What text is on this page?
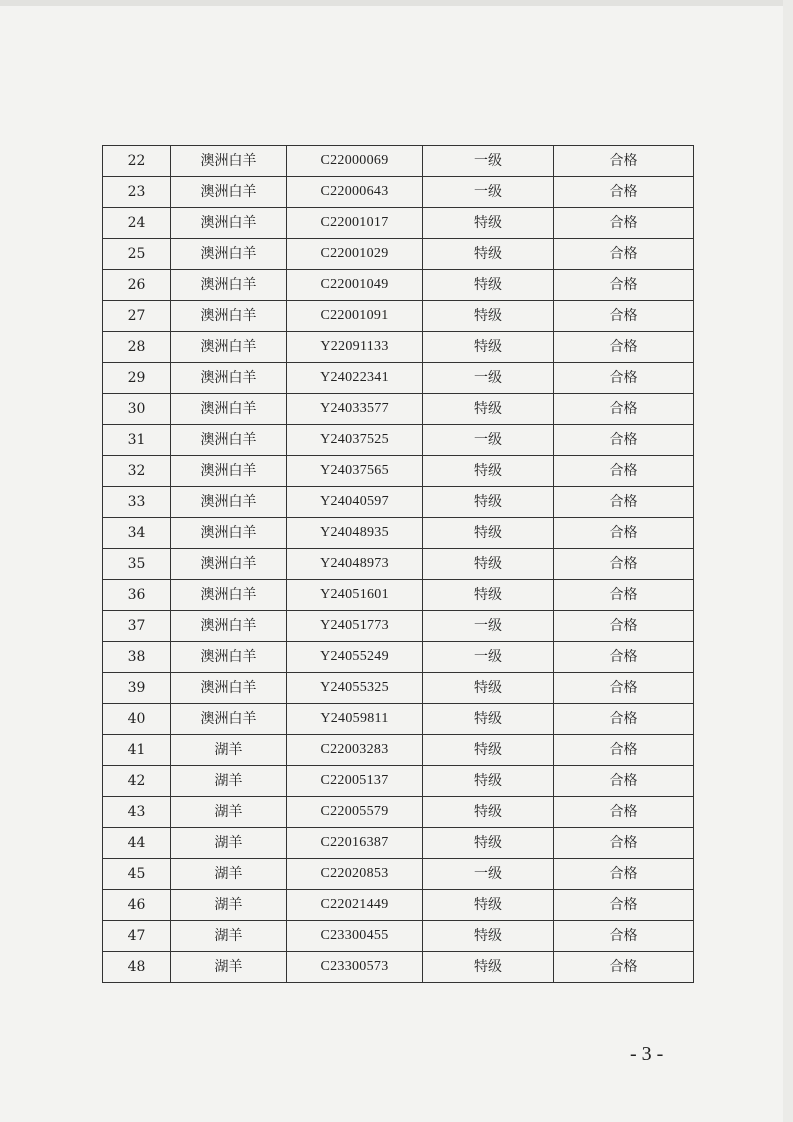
22	澳洲白羊	C22000069	一级	合格
23	澳洲白羊	C22000643	一级	合格
24	澳洲白羊	C22001017	特级	合格
25	澳洲白羊	C22001029	特级	合格
26	澳洲白羊	C22001049	特级	合格
27	澳洲白羊	C22001091	特级	合格
28	澳洲白羊	Y22091133	特级	合格
29	澳洲白羊	Y24022341	一级	合格
30	澳洲白羊	Y24033577	特级	合格
31	澳洲白羊	Y24037525	一级	合格
32	澳洲白羊	Y24037565	特级	合格
33	澳洲白羊	Y24040597	特级	合格
34	澳洲白羊	Y24048935	特级	合格
35	澳洲白羊	Y24048973	特级	合格
36	澳洲白羊	Y24051601	特级	合格
37	澳洲白羊	Y24051773	一级	合格
38	澳洲白羊	Y24055249	一级	合格
39	澳洲白羊	Y24055325	特级	合格
40	澳洲白羊	Y24059811	特级	合格
41	湖羊	C22003283	特级	合格
42	湖羊	C22005137	特级	合格
43	湖羊	C22005579	特级	合格
44	湖羊	C22016387	特级	合格
45	湖羊	C22020853	一级	合格
46	湖羊	C22021449	特级	合格
47	湖羊	C23300455	特级	合格
48	湖羊	C23300573	特级	合格
- 3 -
